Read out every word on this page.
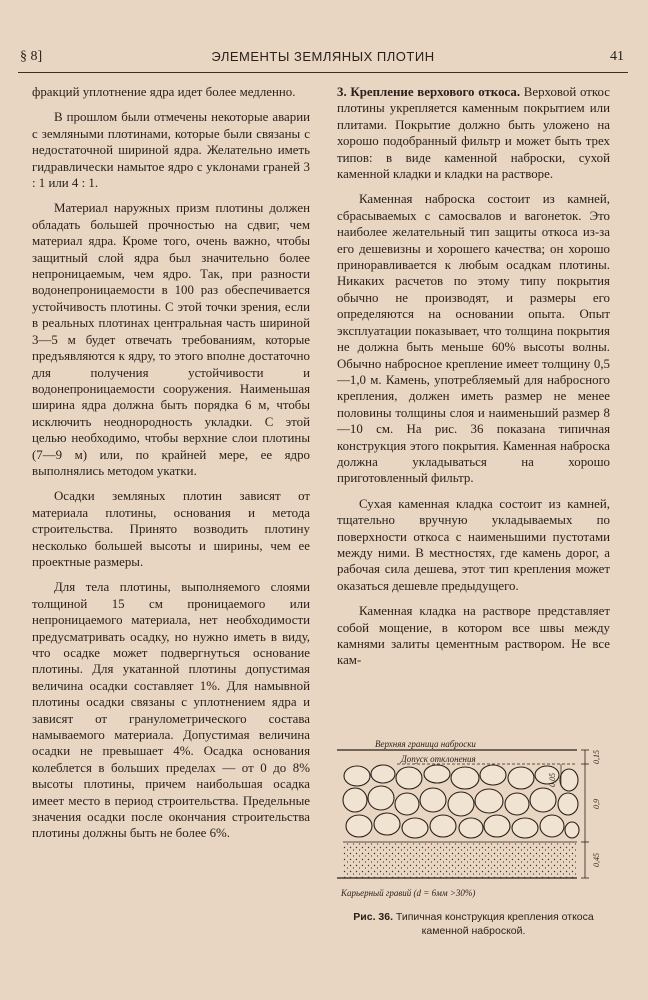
§ 8]	ЭЛЕМЕНТЫ ЗЕМЛЯНЫХ ПЛОТИН	41

фракций уплотнение ядра идет более медленно.

В прошлом были отмечены некоторые аварии с земляными плотинами, которые были связаны с недостаточной шириной ядра. Желательно иметь гидравлически намытое ядро с уклонами граней 3 : 1 или 4 : 1.

Материал наружных призм плотины должен обладать большей прочностью на сдвиг, чем материал ядра. Кроме того, очень важно, чтобы защитный слой ядра был значительно более непроницаемым, чем ядро. Так, при разности водонепроницаемости в 100 раз обеспечивается устойчивость плотины. С этой точки зрения, если в реальных плотинах центральная часть шириной 3—5 м будет отвечать требованиям, которые предъявляются к ядру, то этого вполне достаточно для получения устойчивости и водонепроницаемости сооружения. Наименьшая ширина ядра должна быть порядка 6 м, чтобы исключить неоднородность укладки. С этой целью необходимо, чтобы верхние слои плотины (7—9 м) или, по крайней мере, ее ядро выполнялись методом укатки.

Осадки земляных плотин зависят от материала плотины, основания и метода строительства. Принято возводить плотину несколько большей высоты и ширины, чем ее проектные размеры.

Для тела плотины, выполняемого слоями толщиной 15 см проницаемого или непроницаемого материала, нет необходимости предусматривать осадку, но нужно иметь в виду, что осадке может подвергнуться основание плотины. Для укатанной плотины допустимая величина осадки составляет 1%. Для намывной плотины осадки связаны с уплотнением ядра и зависят от гранулометрического состава намываемого материала. Допустимая величина осадки не превышает 4%. Осадка основания колеблется в больших пределах — от 0 до 8% высоты плотины, причем наибольшая осадка имеет место в период строительства. Предельные значения осадки после окончания строительства плотины должны быть не более 6%.

3. Крепление верхового откоса. Верховой откос плотины укрепляется каменным покрытием или плитами. Покрытие должно быть уложено на хорошо подобранный фильтр и может быть трех типов: в виде каменной наброски, сухой каменной кладки и кладки на растворе.

Каменная наброска состоит из камней, сбрасываемых с самосвалов и вагонеток. Это наиболее желательный тип защиты откоса из-за его дешевизны и хорошего качества; он хорошо приноравливается к любым осадкам плотины. Никаких расчетов по этому типу покрытия обычно не производят, и размеры его определяются на основании опыта. Опыт эксплуатации показывает, что толщина покрытия не должна быть меньше 60% высоты волны. Обычно набросное крепление имеет толщину 0,5—1,0 м. Камень, употребляемый для набросного крепления, должен иметь размер не менее половины толщины слоя и наименьший размер 8—10 см. На рис. 36 показана типичная конструкция этого покрытия. Каменная наброска должна укладываться на хорошо приготовленный фильтр.

Сухая каменная кладка состоит из камней, тщательно вручную укладываемых по поверхности откоса с наименьшими пустотами между ними. В местностях, где камень дорог, а рабочая сила дешева, этот тип крепления может оказаться дешевле предыдущего.

Каменная кладка на растворе представляет собой мощение, в котором все швы между камнями залиты цементным раствором. Не все кам-

Верхняя граница наброски
Допуск отклонения	0,15
0,05
0,9
0,45
Карьерный гравий (d = 6мм >30%)
Рис. 36. Типичная конструкция крепления откоса каменной наброской.
